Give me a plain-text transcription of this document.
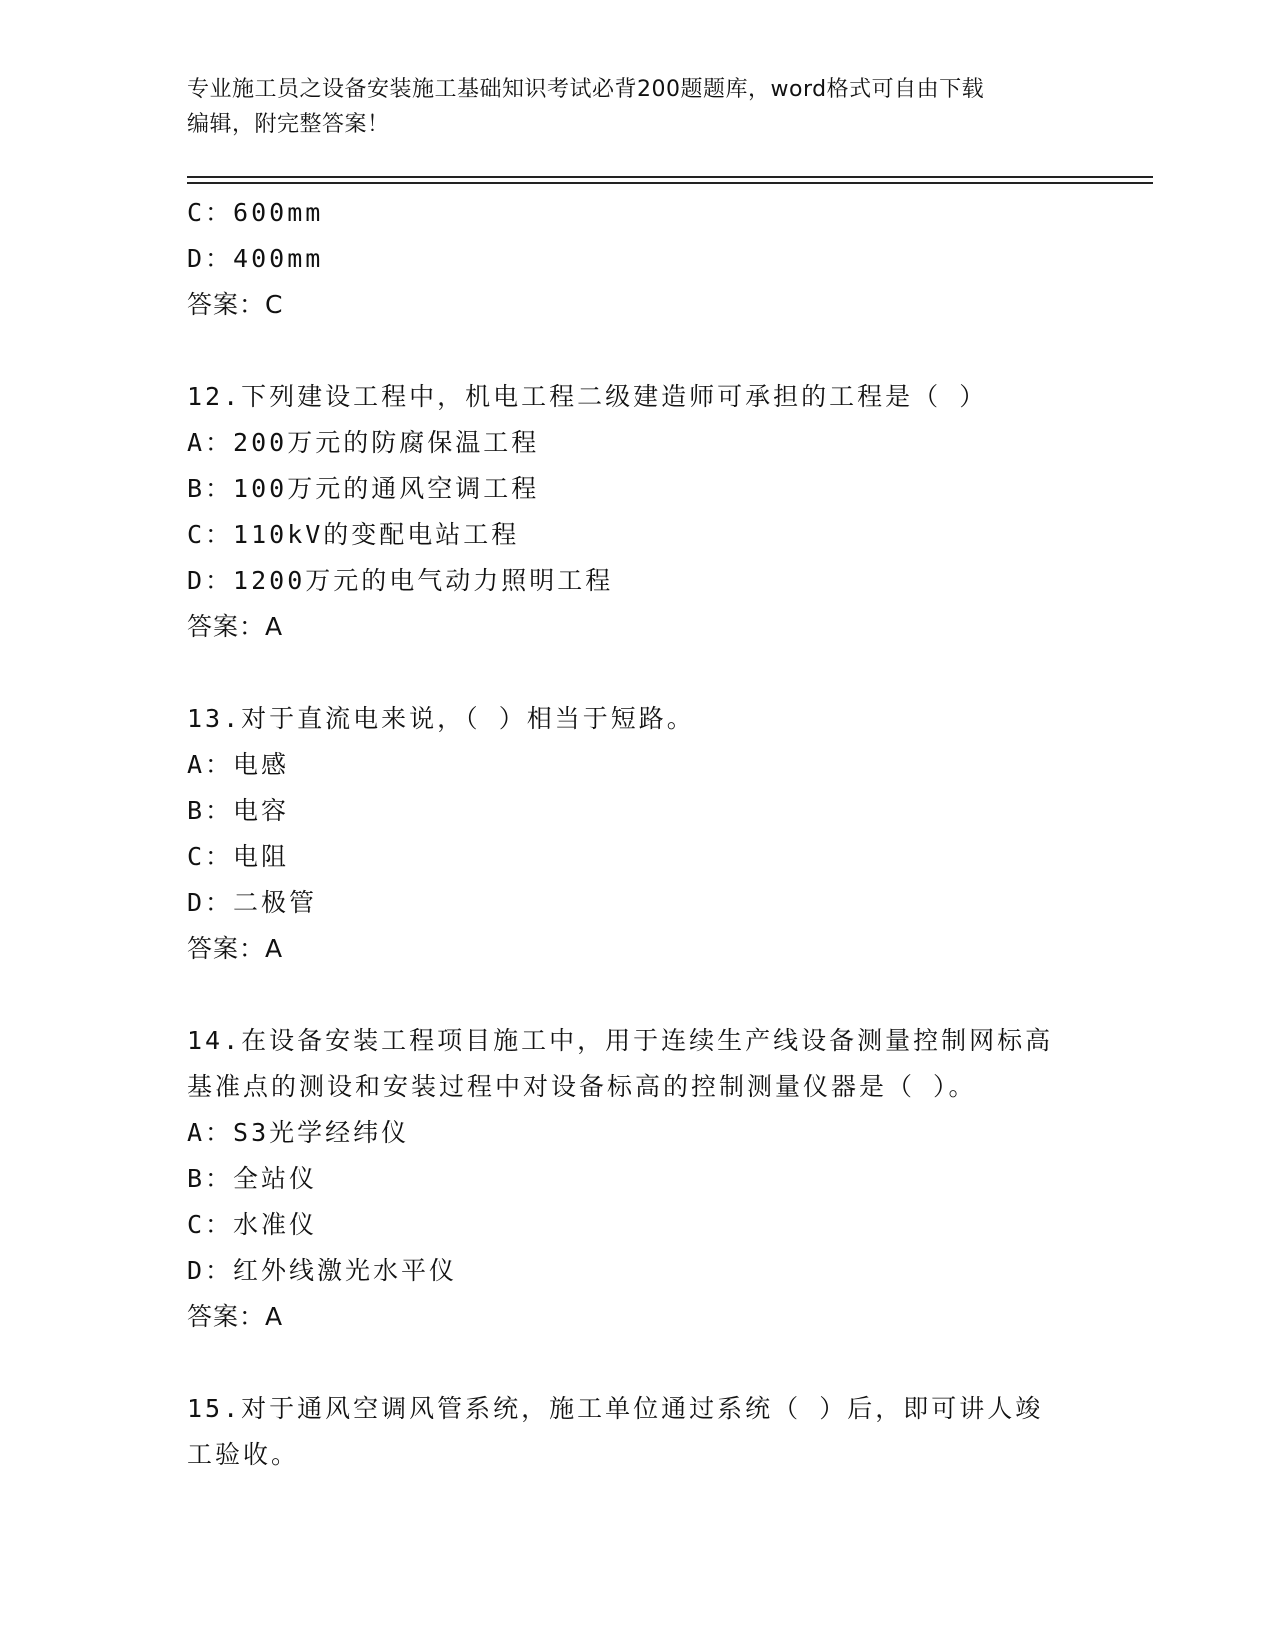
专业施工员之设备安装施工基础知识考试必背200题题库，word格式可自由下载
编辑，附完整答案！
C：600mm
D：400mm
答案：C
12.下列建设工程中，机电工程二级建造师可承担的工程是（ ）
A：200万元的防腐保温工程
B：100万元的通风空调工程
C：110kV的变配电站工程
D：1200万元的电气动力照明工程
答案：A
13.对于直流电来说，（ ）相当于短路。
A：电感
B：电容
C：电阻
D：二极管
答案：A
14.在设备安装工程项目施工中，用于连续生产线设备测量控制网标高
基准点的测设和安装过程中对设备标高的控制测量仪器是（ ）。
A：S3光学经纬仪
B：全站仪
C：水准仪
D：红外线激光水平仪
答案：A
15.对于通风空调风管系统，施工单位通过系统（ ）后，即可讲人竣
工验收。
